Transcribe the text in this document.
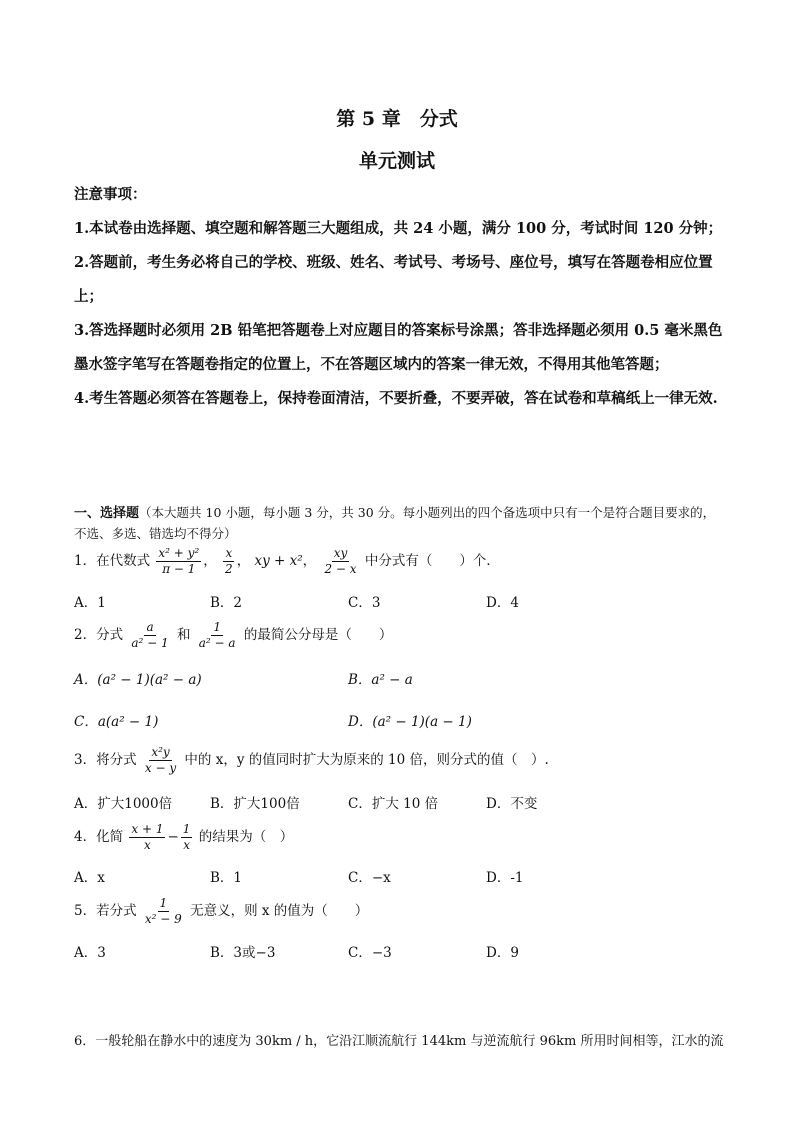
第 5 章　分式
单元测试

注意事项：

1.本试卷由选择题、填空题和解答题三大题组成，共 24 小题，满分 100 分，考试时间 120 分钟；

2.答题前，考生务必将自己的学校、班级、姓名、考试号、考场号、座位号，填写在答题卷相应位置上；

3.答选择题时必须用 2B 铅笔把答题卷上对应题目的答案标号涂黑；答非选择题必须用 0.5 毫米黑色墨水签字笔写在答题卷指定的位置上，不在答题区域内的答案一律无效，不得用其他笔答题；

4.考生答题必须答在答题卷上，保持卷面清洁，不要折叠，不要弄破，答在试卷和草稿纸上一律无效.

一、选择题（本大题共 10 小题，每小题 3 分，共 30 分。每小题列出的四个备选项中只有一个是符合题目要求的，不选、多选、错选均不得分）
1．在代数式 $\frac{\text{x² + y²}}{\pi - 1}$ ， $\frac{x}{2}$ ， xy + x²， $\frac{xy}{2 - x}$ 中分式有（　　）个．
A．1	B．2	C．3	D．4
2．分式 $\frac{a}{\text{a² − 1}}$ 和 $\frac{1}{\text{a² − a}}$ 的最简公分母是（　　）
A．(a² − 1)(a² − a)	B．a² − a
C．a(a² − 1)	D．(a² − 1)(a − 1)
3．将分式 $\frac{\text{x²y}}{x - y}$ 中的 x，y 的值同时扩大为原来的 10 倍，则分式的值（　）.
A．扩大1000倍	B．扩大100倍	C．扩大 10 倍	D．不变
4．化简 $\frac{x + 1}{x} - \frac{1}{x}$ 的结果为（　）
A．x	B．1	C．−x	D．-1
5．若分式 $\frac{1}{\text{x² − 9}}$ 无意义，则 x 的值为（　　）
A．3	B．3或−3	C．−3	D．9
6．一般轮船在静水中的速度为 30km / h，它沿江顺流航行 144km 与逆流航行 96km 所用时间相等，江水的流
